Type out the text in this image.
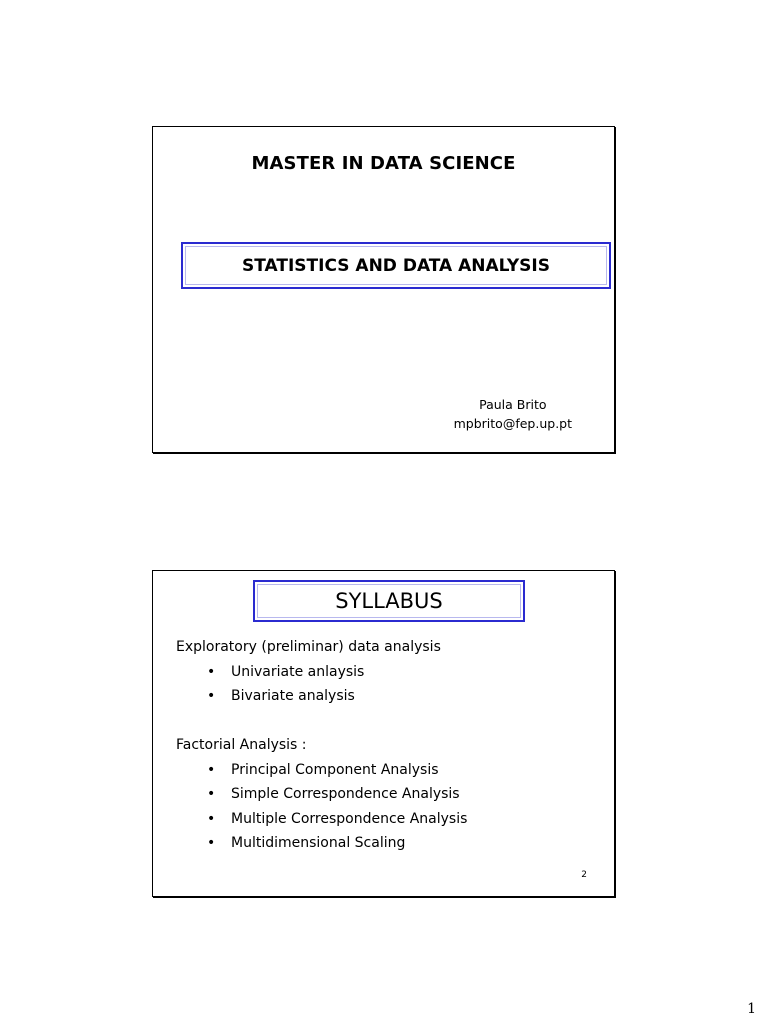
MASTER IN DATA SCIENCE
STATISTICS AND DATA ANALYSIS
Paula Brito
mpbrito@fep.up.pt
SYLLABUS

Exploratory (preliminar) data analysis

• Univariate anlaysis
• Bivariate analysis

Factorial Analysis :

• Principal Component Analysis
• Simple Correspondence Analysis
• Multiple Correspondence Analysis
• Multidimensional Scaling
2
1
